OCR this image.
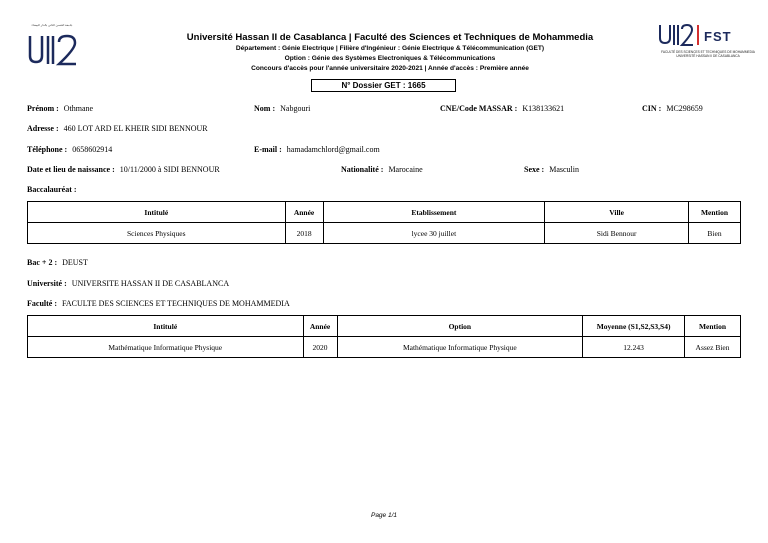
جامعة الحسن الثاني بالدار البيضاء
FST
FACULTÉ DES SCIENCES ET TECHNIQUES DE MOHAMMEDIA UNIVERSITÉ HASSAN II DE CASABLANCA
Université Hassan II de Casablanca | Faculté des Sciences et Techniques de Mohammedia
Département : Génie Electrique | Filière d'Ingénieur : Génie Electrique & Télécommunication (GET)
Option : Génie des Systèmes Electroniques & Télécommunications
Concours d'accès pour l'année universitaire 2020-2021 | Année d'accès : Première année
N° Dossier GET : 1665
Prénom : Othmane	Nom : Nabgouri	CNE/Code MASSAR : K138133621	CIN : MC298659
Adresse : 460 LOT ARD EL KHEIR SIDI BENNOUR
Téléphone : 0658602914	E-mail : hamadamchlord@gmail.com
Date et lieu de naissance : 10/11/2000 à SIDI BENNOUR	Nationalité : Marocaine	Sexe : Masculin
Baccalauréat :
Intitulé	Année	Etablissement	Ville	Mention
Sciences Physiques	2018	lycee 30 juillet	Sidi Bennour	Bien
Bac + 2 : DEUST
Université : UNIVERSITE HASSAN II DE CASABLANCA
Faculté : FACULTE DES SCIENCES ET TECHNIQUES DE MOHAMMEDIA
Intitulé	Année	Option	Moyenne (S1,S2,S3,S4)	Mention
Mathématique Informatique Physique	2020	Mathématique Informatique Physique	12.243	Assez Bien
Page 1/1
